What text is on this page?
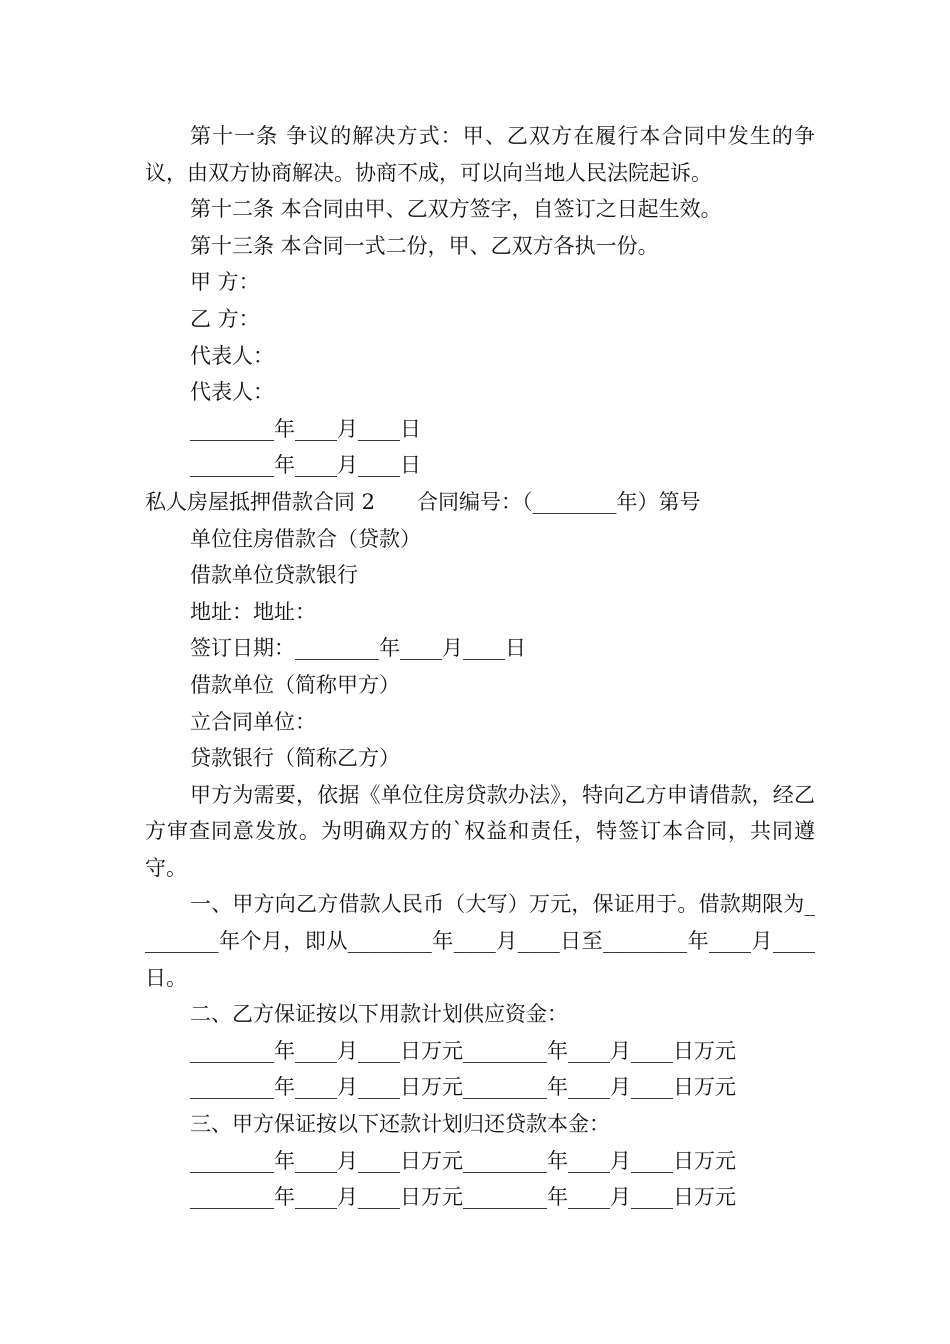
第十一条 争议的解决方式：甲、乙双方在履行本合同中发生的争议，由双方协商解决。协商不成，可以向当地人民法院起诉。

第十二条 本合同由甲、乙双方签字，自签订之日起生效。

第十三条 本合同一式二份，甲、乙双方各执一份。

甲 方：

乙 方：

代表人：

代表人：

________年____月____日

________年____月____日

私人房屋抵押借款合同 2　　合同编号：（________年）第号

单位住房借款合（贷款）

借款单位贷款银行

地址：地址：

签订日期：________年____月____日

借款单位（简称甲方）

立合同单位：

贷款银行（简称乙方）

甲方为需要，依据《单位住房贷款办法》，特向乙方申请借款，经乙方审查同意发放。为明确双方的`权益和责任，特签订本合同，共同遵守。

一、甲方向乙方借款人民币（大写）万元，保证用于。借款期限为________年个月，即从________年____月____日至________年____月____日。

二、乙方保证按以下用款计划供应资金：

________年____月____日万元________年____月____日万元

________年____月____日万元________年____月____日万元

三、甲方保证按以下还款计划归还贷款本金：

________年____月____日万元________年____月____日万元

________年____月____日万元________年____月____日万元
